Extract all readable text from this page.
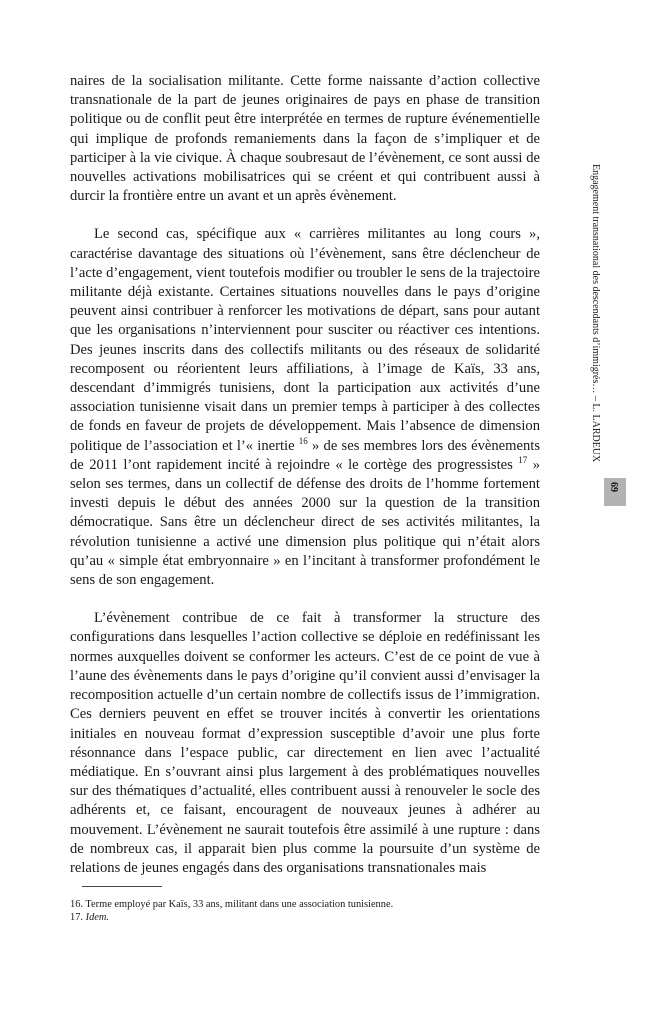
naires de la socialisation militante. Cette forme naissante d’action collective transnationale de la part de jeunes originaires de pays en phase de transition politique ou de conflit peut être interprétée en termes de rupture événementielle qui implique de profonds remaniements dans la façon de s’impliquer et de participer à la vie civique. À chaque soubresaut de l’évènement, ce sont aussi de nouvelles activations mobilisatrices qui se créent et qui contribuent aussi à durcir la frontière entre un avant et un après évènement.

Le second cas, spécifique aux « carrières militantes au long cours », caractérise davantage des situations où l’évènement, sans être déclencheur de l’acte d’engagement, vient toutefois modifier ou troubler le sens de la trajectoire militante déjà existante. Certaines situations nouvelles dans le pays d’origine peuvent ainsi contribuer à renforcer les motivations de départ, sans pour autant que les organisations n’interviennent pour susciter ou réactiver ces intentions. Des jeunes inscrits dans des collectifs militants ou des réseaux de solidarité recomposent ou réorientent leurs affiliations, à l’image de Kaïs, 33 ans, descendant d’immigrés tunisiens, dont la participation aux activités d’une association tunisienne visait dans un premier temps à participer à des collectes de fonds en faveur de projets de développement. Mais l’absence de dimension politique de l’association et l’« inertie $^{16}$ » de ses membres lors des évènements de 2011 l’ont rapidement incité à rejoindre « le cortège des progressistes $^{17}$ » selon ses termes, dans un collectif de défense des droits de l’homme fortement investi depuis le début des années 2000 sur la question de la transition démocratique. Sans être un déclencheur direct de ses activités militantes, la révolution tunisienne a activé une dimension plus politique qui n’était alors qu’au « simple état embryonnaire » en l’incitant à transformer profondément le sens de son engagement.

L’évènement contribue de ce fait à transformer la structure des configurations dans lesquelles l’action collective se déploie en redéfinissant les normes auxquelles doivent se conformer les acteurs. C’est de ce point de vue à l’aune des évènements dans le pays d’origine qu’il convient aussi d’envisager la recomposition actuelle d’un certain nombre de collectifs issus de l’immigration. Ces derniers peuvent en effet se trouver incités à convertir les orientations initiales en nouveau format d’expression susceptible d’avoir une plus forte résonnance dans l’espace public, car directement en lien avec l’actualité médiatique. En s’ouvrant ainsi plus largement à des problématiques nouvelles sur des thématiques d’actualité, elles contribuent aussi à renouveler le socle des adhérents et, ce faisant, encouragent de nouveaux jeunes à adhérer au mouvement. L’évènement ne saurait toutefois être assimilé à une rupture : dans de nombreux cas, il apparait bien plus comme la poursuite d’un système de relations de jeunes engagés dans des organisations transnationales mais

16. Terme employé par Kaïs, 33 ans, militant dans une association tunisienne.
17. Idem.
Engagement transnational des descendants d’immigrés… – L. LARDEUX
69
